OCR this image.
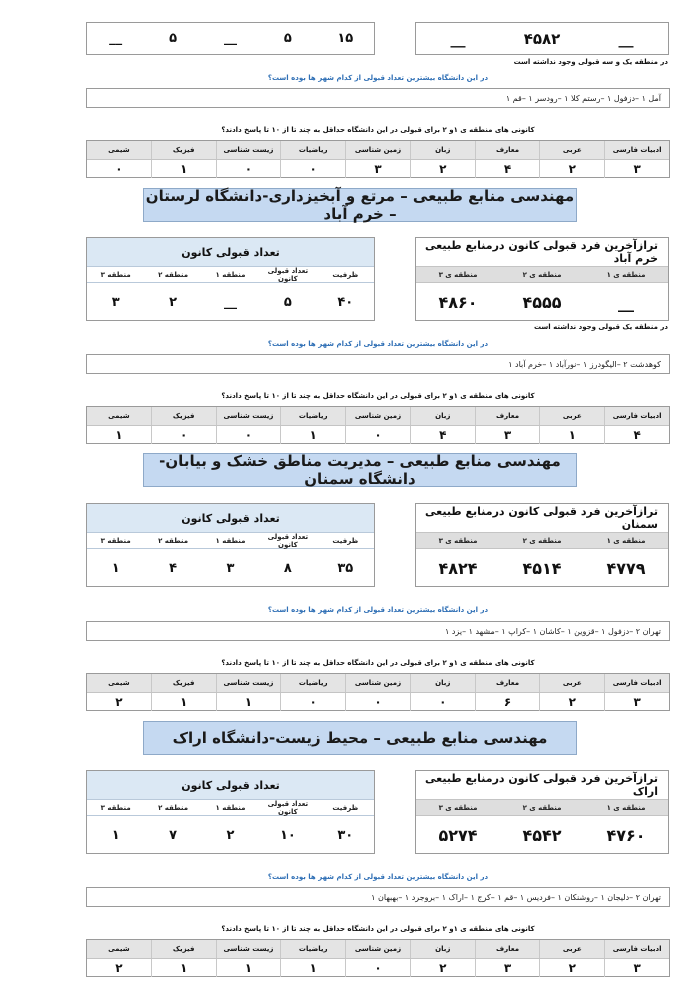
__
۴۵۸۲
__
۱۵
۵
__
۵
__
در منطقه یک و سه قبولی وجود نداشته است
در این دانشگاه بیشترین تعداد قبولی از کدام شهر ها بوده است؟
آمل ۱ –دزفول ۱ –رستم کلا ۱ –رودسر ۱ –قم ۱
کانونی های منطقه ی ۱و ۲ برای قبولی در این دانشگاه حداقل به چند تا از ۱۰ تا پاسخ دادند؟
ادبیات فارسی
عربی
معارف
زبان
زمین شناسی
ریاضیات
زیست شناسی
فیزیک
شیمی
۳
۲
۴
۲
۳
۰
۰
۱
۰
مهندسی منابع طبیعی – مرتع و آبخیزداری-دانشگاه لرستان – خرم آباد
ترازآخرین فرد قبولی کانون درمنابع طبیعی خرم آباد
منطقه ی ۱
منطقه ی ۲
منطقه ی ۳
__
۴۵۵۵
۴۸۶۰
تعداد قبولی کانون
ظرفیت
تعداد قبولی کانون
منطقه ۱
منطقه ۲
منطقه ۳
۴۰
۵
__
۲
۳
در منطقه یک قبولی وجود نداشته است
در این دانشگاه بیشترین تعداد قبولی از کدام شهر ها بوده است؟
کوهدشت ۲ –الیگودرز ۱ –نورآباد ۱ –خرم آباد ۱
کانونی های منطقه ی ۱و ۲ برای قبولی در این دانشگاه حداقل به چند تا از ۱۰ تا پاسخ دادند؟
ادبیات فارسی
عربی
معارف
زبان
زمین شناسی
ریاضیات
زیست شناسی
فیزیک
شیمی
۴
۱
۳
۴
۰
۱
۰
۰
۱
مهندسی منابع طبیعی – مدیریت مناطق خشک و بیابان-دانشگاه سمنان
ترازآخرین فرد قبولی کانون درمنابع طبیعی سمنان
منطقه ی ۱
منطقه ی ۲
منطقه ی ۳
۴۷۷۹
۴۵۱۴
۴۸۲۴
تعداد قبولی کانون
ظرفیت
تعداد قبولی کانون
منطقه ۱
منطقه ۲
منطقه ۳
۳۵
۸
۳
۴
۱
در این دانشگاه بیشترین تعداد قبولی از کدام شهر ها بوده است؟
تهران ۲ –دزفول ۱ –قزوین ۱ –کاشان ۱ –کراپ ۱ –مشهد ۱ –یزد ۱
کانونی های منطقه ی ۱و ۲ برای قبولی در این دانشگاه حداقل به چند تا از ۱۰ تا پاسخ دادند؟
ادبیات فارسی
عربی
معارف
زبان
زمین شناسی
ریاضیات
زیست شناسی
فیزیک
شیمی
۳
۲
۶
۰
۰
۰
۱
۱
۲
مهندسی منابع طبیعی – محیط زیست-دانشگاه اراک
ترازآخرین فرد قبولی کانون درمنابع طبیعی اراک
منطقه ی ۱
منطقه ی ۲
منطقه ی ۳
۴۷۶۰
۴۵۴۲
۵۲۷۴
تعداد قبولی کانون
ظرفیت
تعداد قبولی کانون
منطقه ۱
منطقه ۲
منطقه ۳
۳۰
۱۰
۲
۷
۱
در این دانشگاه بیشترین تعداد قبولی از کدام شهر ها بوده است؟
تهران ۲ –دلیجان ۱ –روشنکان ۱ –فردیس ۱ –قم ۱ –کرج ۱ –اراک ۱ –بروجرد ۱ –بهبهان ۱
کانونی های منطقه ی ۱و ۲ برای قبولی در این دانشگاه حداقل به چند تا از ۱۰ تا پاسخ دادند؟
ادبیات فارسی
عربی
معارف
زبان
زمین شناسی
ریاضیات
زیست شناسی
فیزیک
شیمی
۳
۲
۳
۲
۰
۱
۱
۱
۲
